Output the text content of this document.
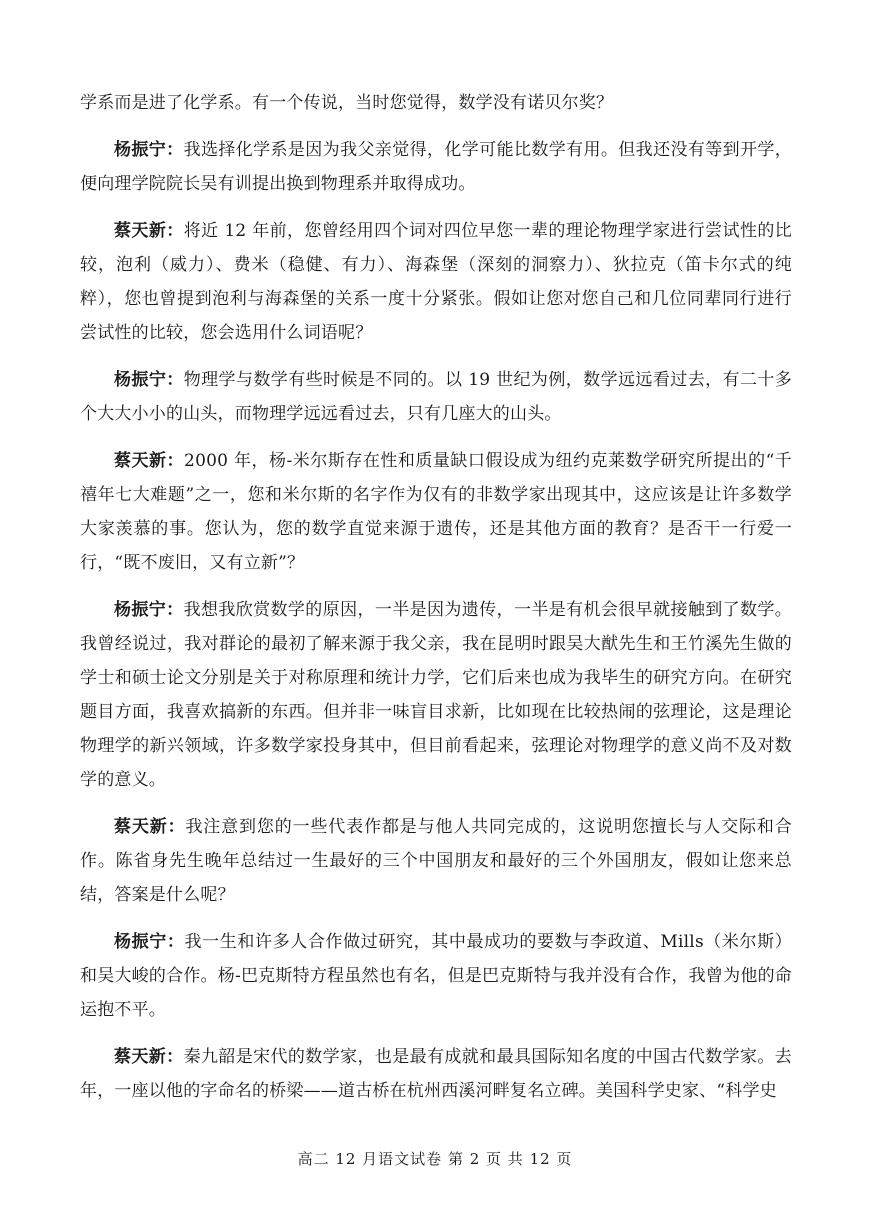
学系而是进了化学系。有一个传说，当时您觉得，数学没有诺贝尔奖？

杨振宁：我选择化学系是因为我父亲觉得，化学可能比数学有用。但我还没有等到开学，便向理学院院长吴有训提出换到物理系并取得成功。

蔡天新：将近 12 年前，您曾经用四个词对四位早您一辈的理论物理学家进行尝试性的比较，泡利（威力）、费米（稳健、有力）、海森堡（深刻的洞察力）、狄拉克（笛卡尔式的纯粹），您也曾提到泡利与海森堡的关系一度十分紧张。假如让您对您自己和几位同辈同行进行尝试性的比较，您会选用什么词语呢？

杨振宁：物理学与数学有些时候是不同的。以 19 世纪为例，数学远远看过去，有二十多个大大小小的山头，而物理学远远看过去，只有几座大的山头。

蔡天新：2000 年，杨-米尔斯存在性和质量缺口假设成为纽约克莱数学研究所提出的“千禧年七大难题”之一，您和米尔斯的名字作为仅有的非数学家出现其中，这应该是让许多数学大家羡慕的事。您认为，您的数学直觉来源于遗传，还是其他方面的教育？是否干一行爱一行，“既不废旧，又有立新”？

杨振宁：我想我欣赏数学的原因，一半是因为遗传，一半是有机会很早就接触到了数学。我曾经说过，我对群论的最初了解来源于我父亲，我在昆明时跟吴大猷先生和王竹溪先生做的学士和硕士论文分别是关于对称原理和统计力学，它们后来也成为我毕生的研究方向。在研究题目方面，我喜欢搞新的东西。但并非一味盲目求新，比如现在比较热闹的弦理论，这是理论物理学的新兴领域，许多数学家投身其中，但目前看起来，弦理论对物理学的意义尚不及对数学的意义。

蔡天新：我注意到您的一些代表作都是与他人共同完成的，这说明您擅长与人交际和合作。陈省身先生晚年总结过一生最好的三个中国朋友和最好的三个外国朋友，假如让您来总结，答案是什么呢？

杨振宁：我一生和许多人合作做过研究，其中最成功的要数与李政道、Mills（米尔斯）和吴大峻的合作。杨-巴克斯特方程虽然也有名，但是巴克斯特与我并没有合作，我曾为他的命运抱不平。

蔡天新：秦九韶是宋代的数学家，也是最有成就和最具国际知名度的中国古代数学家。去年，一座以他的字命名的桥梁——道古桥在杭州西溪河畔复名立碑。美国科学史家、“科学史

高二 12 月语文试卷 第 2 页 共 12 页
